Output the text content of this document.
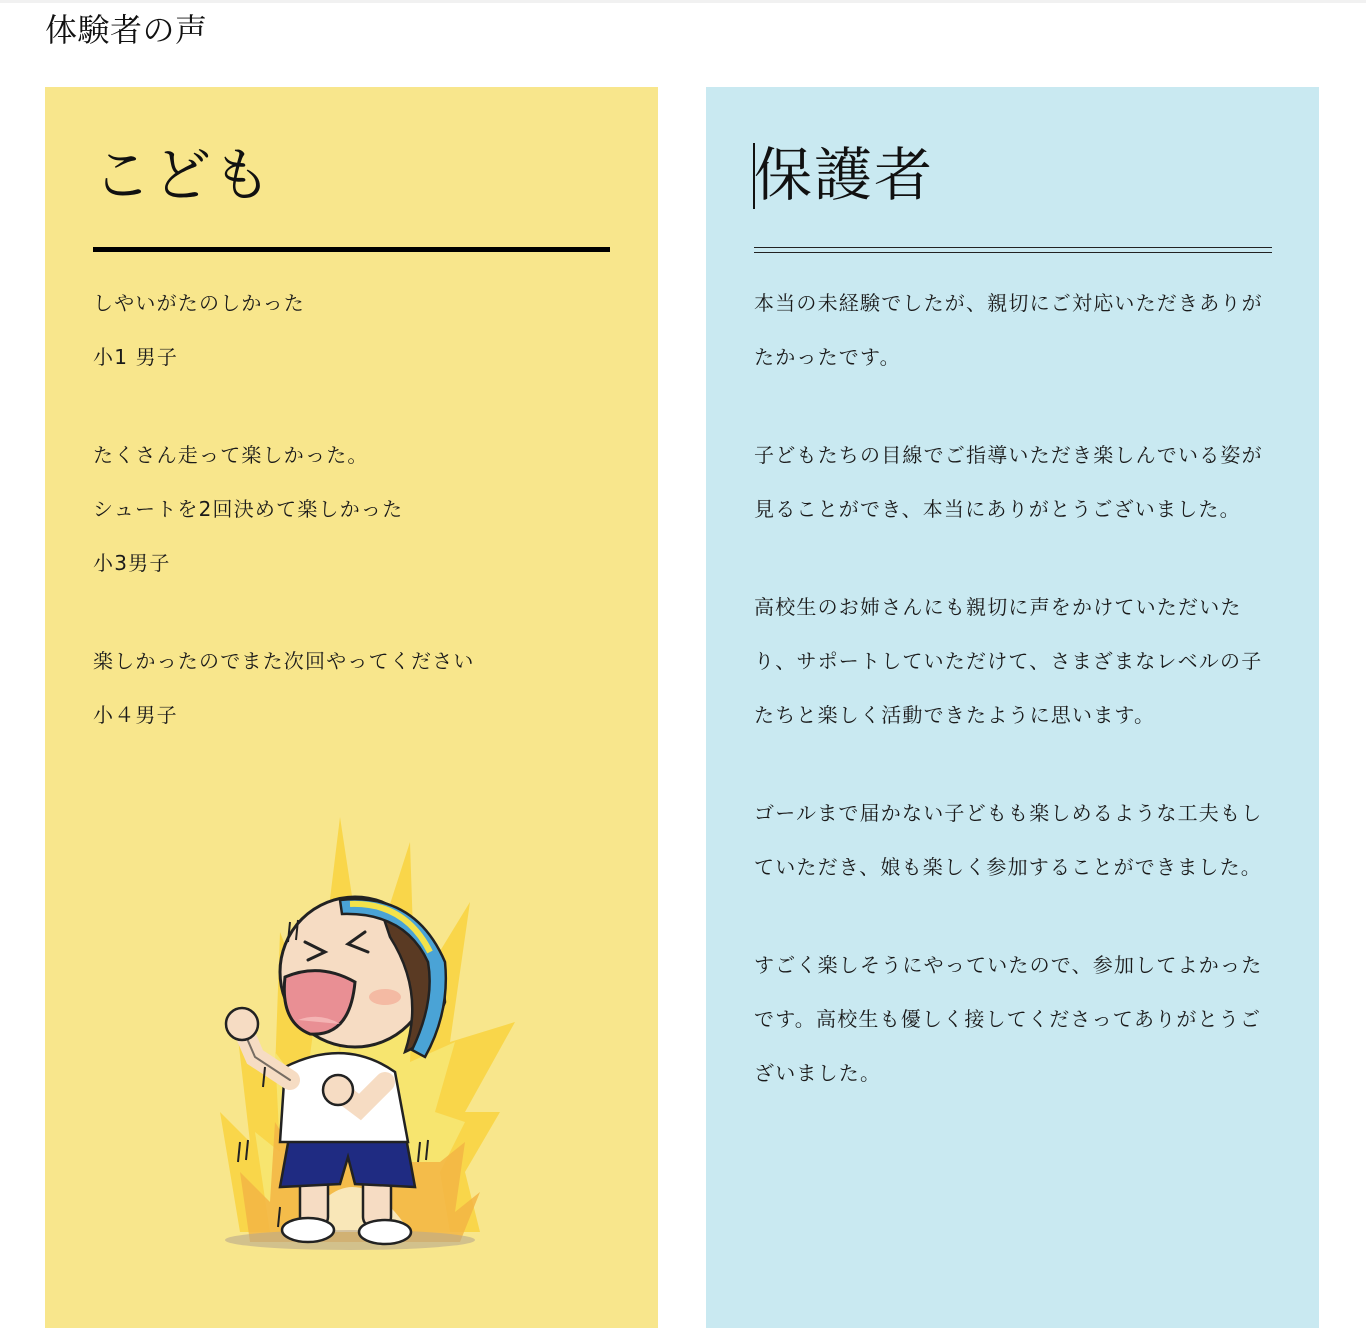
体験者の声
こども

しやいがたのしかった

小1 男子

たくさん走って楽しかった。

シュートを2回決めて楽しかった

小3男子

楽しかったのでまた次回やってください

小４男子

保護者

本当の未経験でしたが、親切にご対応いただきありがたかったです。

子どもたちの目線でご指導いただき楽しんでいる姿が見ることができ、本当にありがとうございました。

高校生のお姉さんにも親切に声をかけていただいたり、サポートしていただけて、さまざまなレベルの子たちと楽しく活動できたように思います。

ゴールまで届かない子どもも楽しめるような工夫もしていただき、娘も楽しく参加することができました。

すごく楽しそうにやっていたので、参加してよかったです。高校生も優しく接してくださってありがとうございました。
